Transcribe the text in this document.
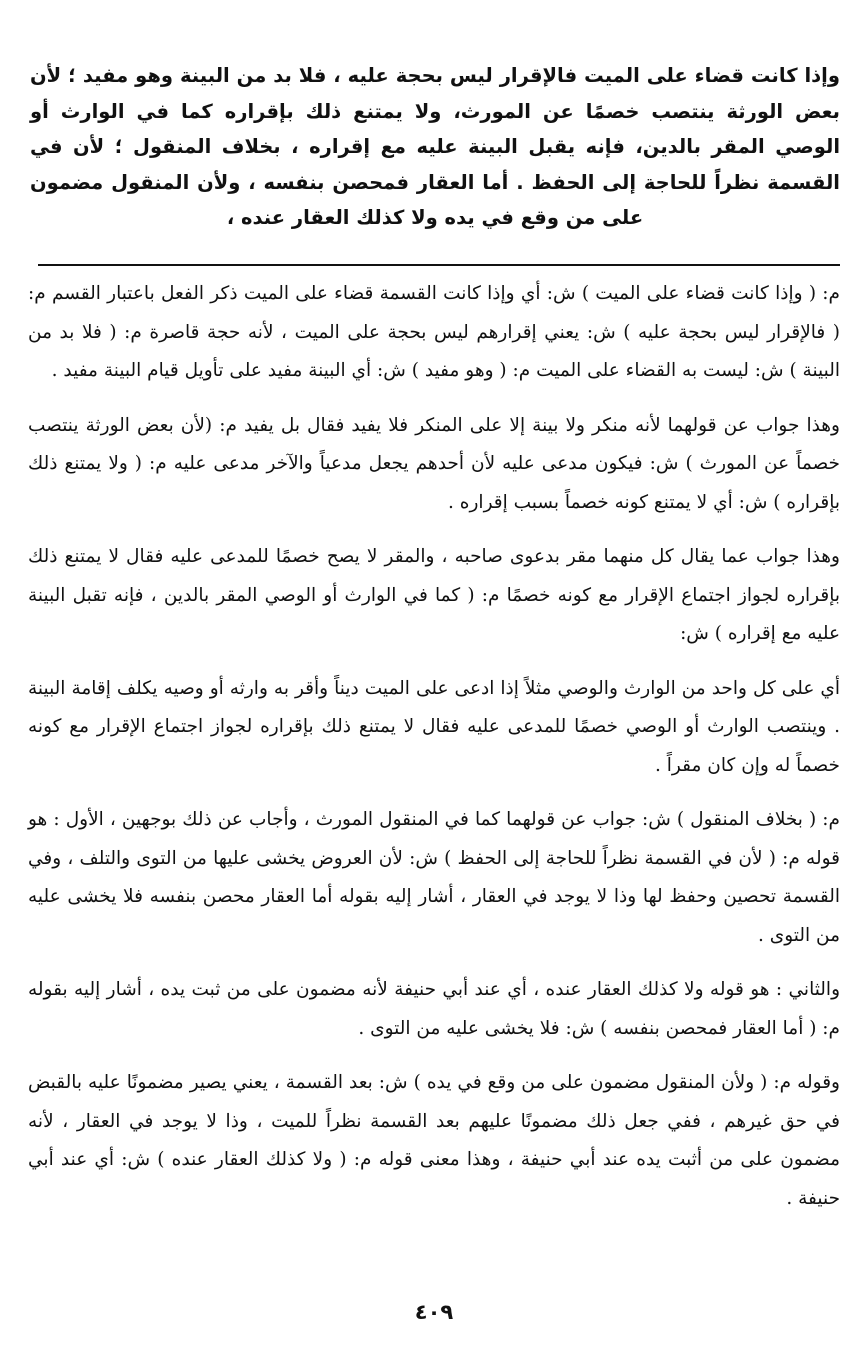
وإذا كانت قضاء على الميت فالإقرار ليس بحجة عليه ، فلا بد من البينة وهو مفيد ؛ لأن بعض الورثة ينتصب خصمًا عن المورث، ولا يمتنع ذلك بإقراره كما في الوارث أو الوصي المقر بالدين، فإنه يقبل البينة عليه مع إقراره ، بخلاف المنقول ؛ لأن في القسمة نظراً للحاجة إلى الحفظ . أما العقار فمحصن بنفسه ، ولأن المنقول مضمون على من وقع في يده ولا كذلك العقار عنده ،

م: ( وإذا كانت قضاء على الميت ) ش: أي وإذا كانت القسمة قضاء على الميت ذكر الفعل باعتبار القسم م: ( فالإقرار ليس بحجة عليه ) ش: يعني إقرارهم ليس بحجة على الميت ، لأنه حجة قاصرة م: ( فلا بد من البينة ) ش: ليست به القضاء على الميت م: ( وهو مفيد ) ش: أي البينة مفيد على تأويل قيام البينة مفيد .

وهذا جواب عن قولهما لأنه منكر ولا بينة إلا على المنكر فلا يفيد فقال بل يفيد م: (لأن بعض الورثة ينتصب خصماً عن المورث ) ش: فيكون مدعى عليه لأن أحدهم يجعل مدعياً والآخر مدعى عليه م: ( ولا يمتنع ذلك بإقراره ) ش: أي لا يمتنع كونه خصماً بسبب إقراره .

وهذا جواب عما يقال كل منهما مقر بدعوى صاحبه ، والمقر لا يصح خصمًا للمدعى عليه فقال لا يمتنع ذلك بإقراره لجواز اجتماع الإقرار مع كونه خصمًا م: ( كما في الوارث أو الوصي المقر بالدين ، فإنه تقبل البينة عليه مع إقراره ) ش:

أي على كل واحد من الوارث والوصي مثلاً إذا ادعى على الميت ديناً وأقر به وارثه أو وصيه يكلف إقامة البينة . وينتصب الوارث أو الوصي خصمًا للمدعى عليه فقال لا يمتنع ذلك بإقراره لجواز اجتماع الإقرار مع كونه خصماً له وإن كان مقراً .

م: ( بخلاف المنقول ) ش: جواب عن قولهما كما في المنقول المورث ، وأجاب عن ذلك بوجهين ، الأول : هو قوله م: ( لأن في القسمة نظراً للحاجة إلى الحفظ ) ش: لأن العروض يخشى عليها من التوى والتلف ، وفي القسمة تحصين وحفظ لها وذا لا يوجد في العقار ، أشار إليه بقوله أما العقار محصن بنفسه فلا يخشى عليه من التوى .

والثاني : هو قوله ولا كذلك العقار عنده ، أي عند أبي حنيفة لأنه مضمون على من ثبت يده ، أشار إليه بقوله م: ( أما العقار فمحصن بنفسه ) ش: فلا يخشى عليه من التوى .

وقوله م: ( ولأن المنقول مضمون على من وقع في يده ) ش: بعد القسمة ، يعني يصير مضمونًا عليه بالقبض في حق غيرهم ، ففي جعل ذلك مضمونًا عليهم بعد القسمة نظراً للميت ، وذا لا يوجد في العقار ، لأنه مضمون على من أثبت يده عند أبي حنيفة ، وهذا معنى قوله م: ( ولا كذلك العقار عنده ) ش: أي عند أبي حنيفة .

٤٠٩
